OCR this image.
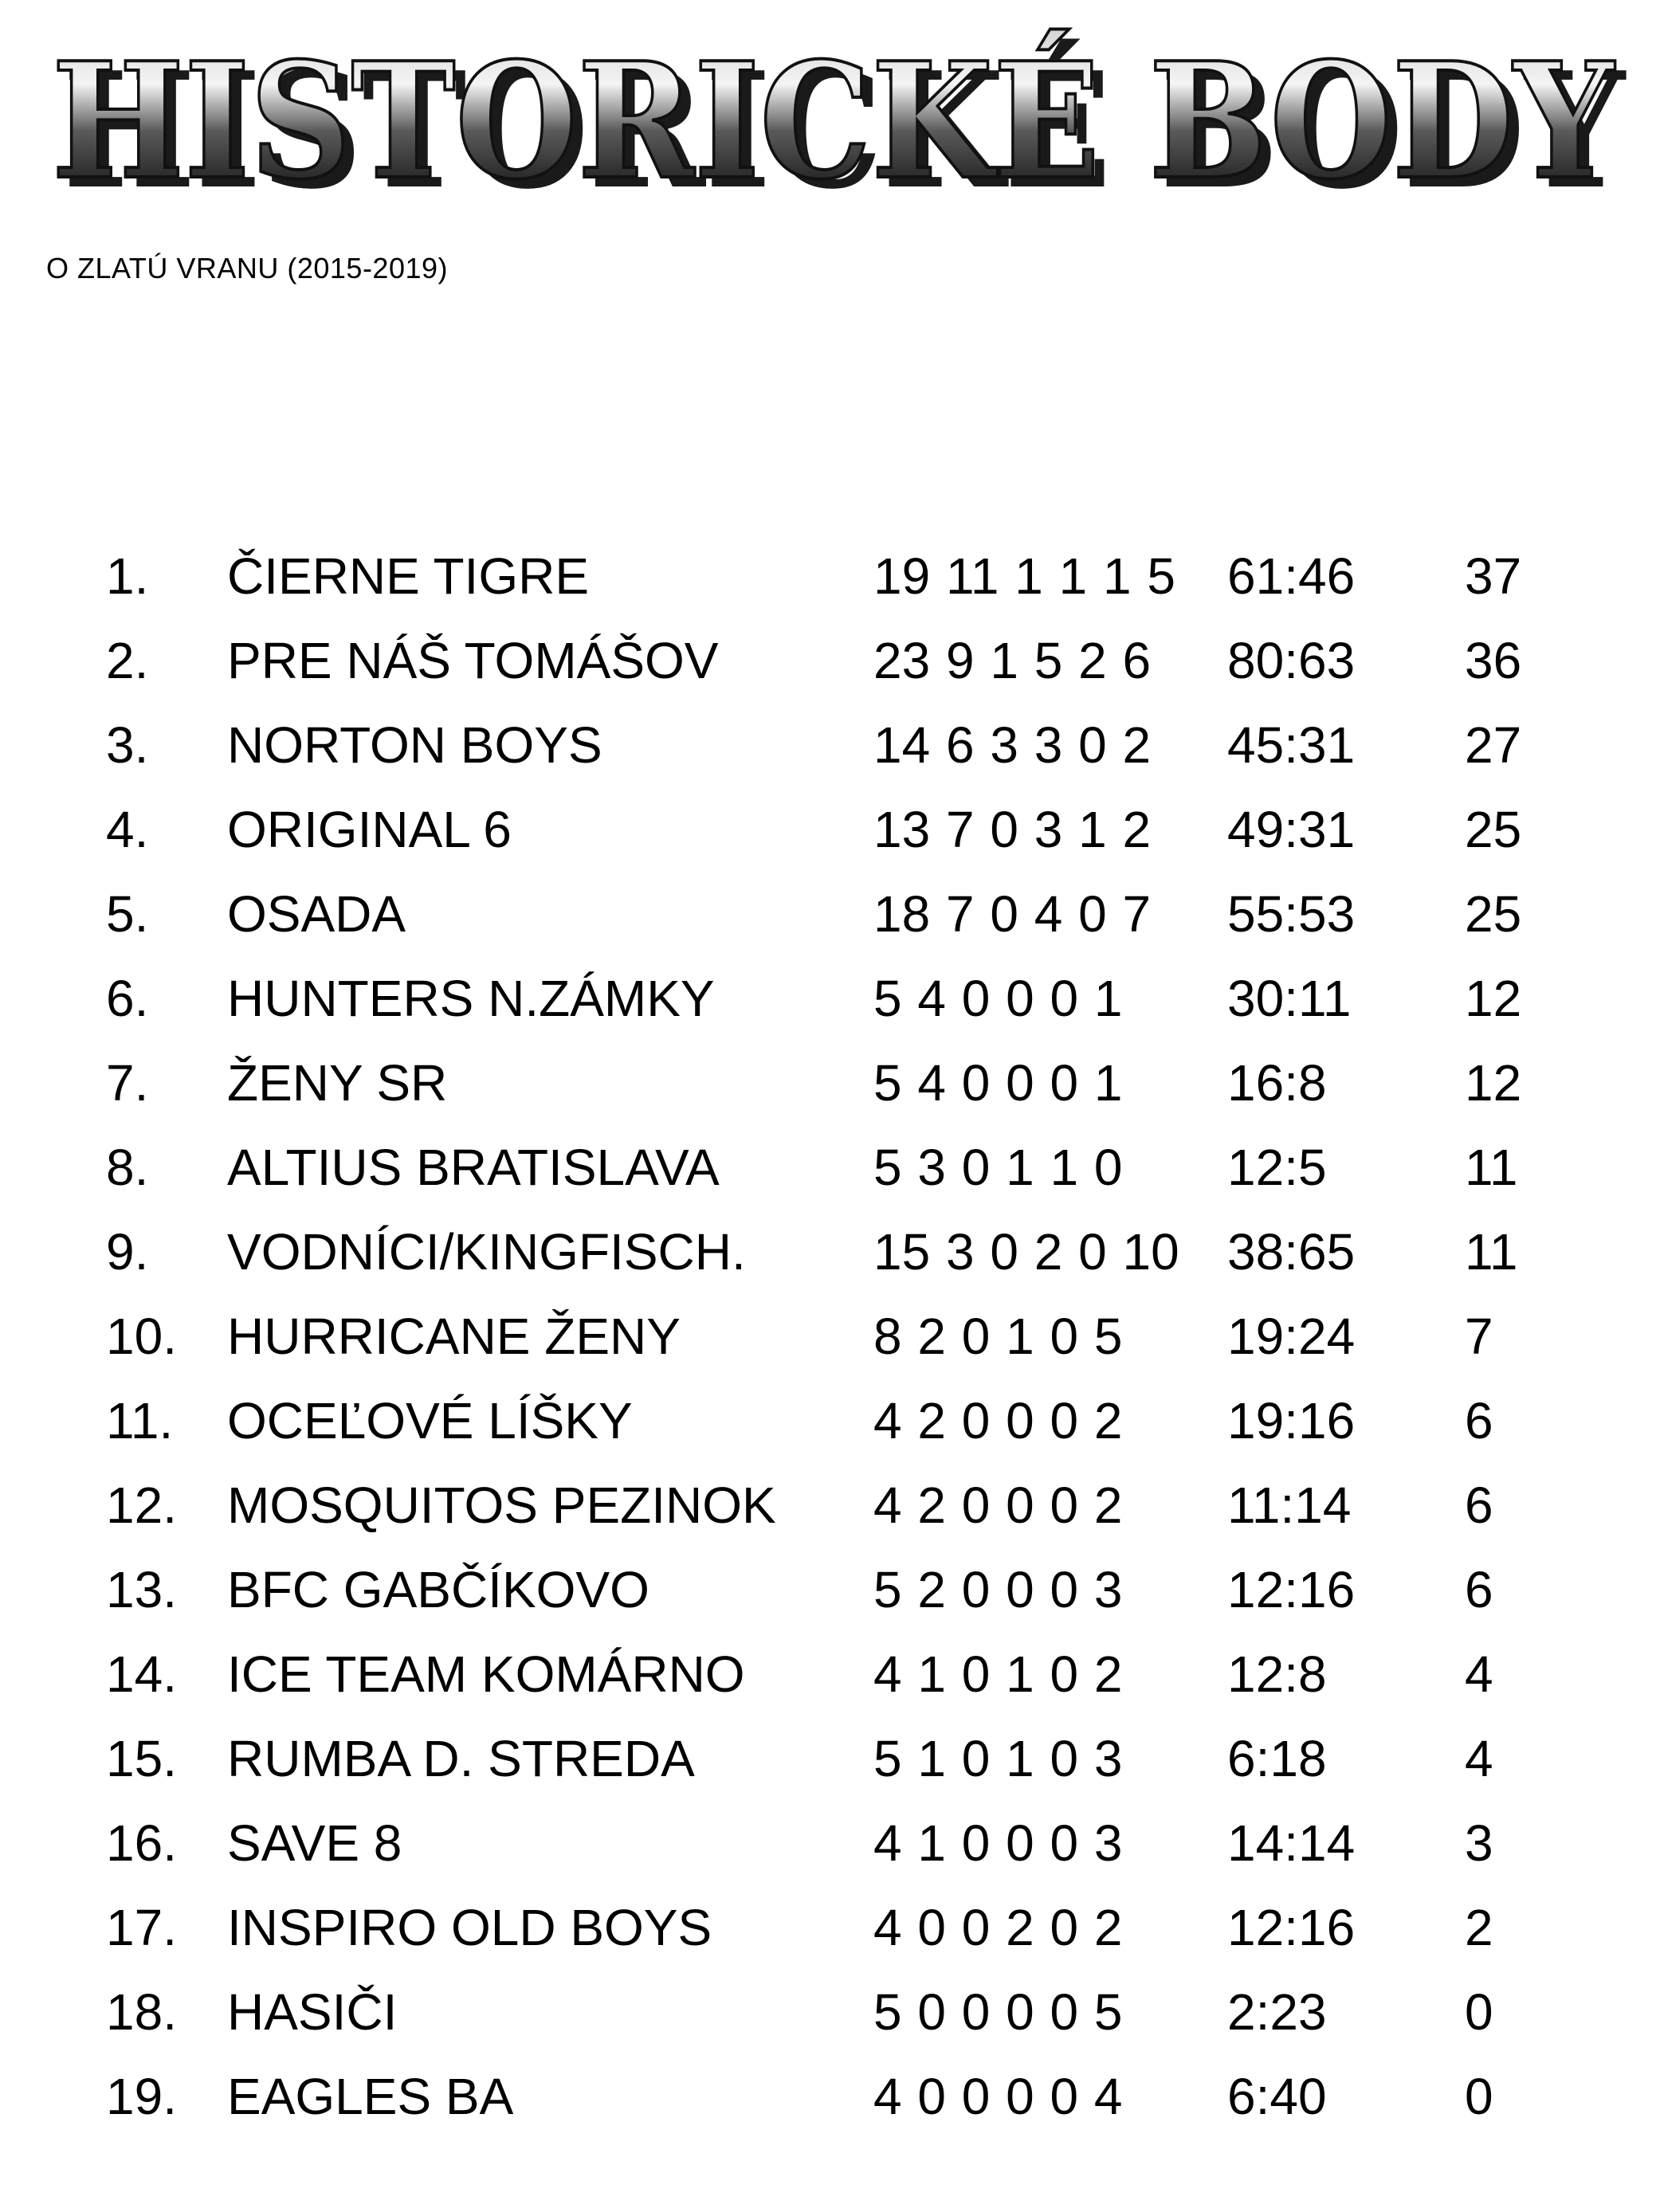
HISTORICKÉ BODY
HISTORICKÉ BODY
O ZLATÚ VRANU (2015-2019)
1. ČIERNE TIGRE	19 11 1 1 1 5 61:46 37
2. PRE NÁŠ TOMÁŠOV	23 9 1 5 2 6 80:63 36
3. NORTON BOYS	14 6 3 3 0 2 45:31 27
4. ORIGINAL 6	13 7 0 3 1 2 49:31 25
5. OSADA	18 7 0 4 0 7 55:53 25
6. HUNTERS N.ZÁMKY	5 4 0 0 0 1 30:11 12
7. ŽENY SR	5 4 0 0 0 1 16:8	12
8. ALTIUS BRATISLAVA	5 3 0 1 1 0 12:5	11
9. VODNÍCI/KINGFISCH.	15 3 0 2 0 10 38:65 11
10. HURRICANE ŽENY	8 2 0 1 0 5 19:24 7
11. OCEĽOVÉ LÍŠKY	4 2 0 0 0 2 19:16 6
12. MOSQUITOS PEZINOK 4 2 0 0 0 2 11:14 6
13. BFC GABČÍKOVO	5 2 0 0 0 3 12:16 6
14. ICE TEAM KOMÁRNO	4 1 0 1 0 2 12:8	4
15. RUMBA D. STREDA	5 1 0 1 0 3 6:18	4
16. SAVE 8	4 1 0 0 0 3 14:14 3
17. INSPIRO OLD BOYS	4 0 0 2 0 2 12:16 2
18. HASIČI	5 0 0 0 0 5 2:23	0
19. EAGLES BA	4 0 0 0 0 4 6:40	0
